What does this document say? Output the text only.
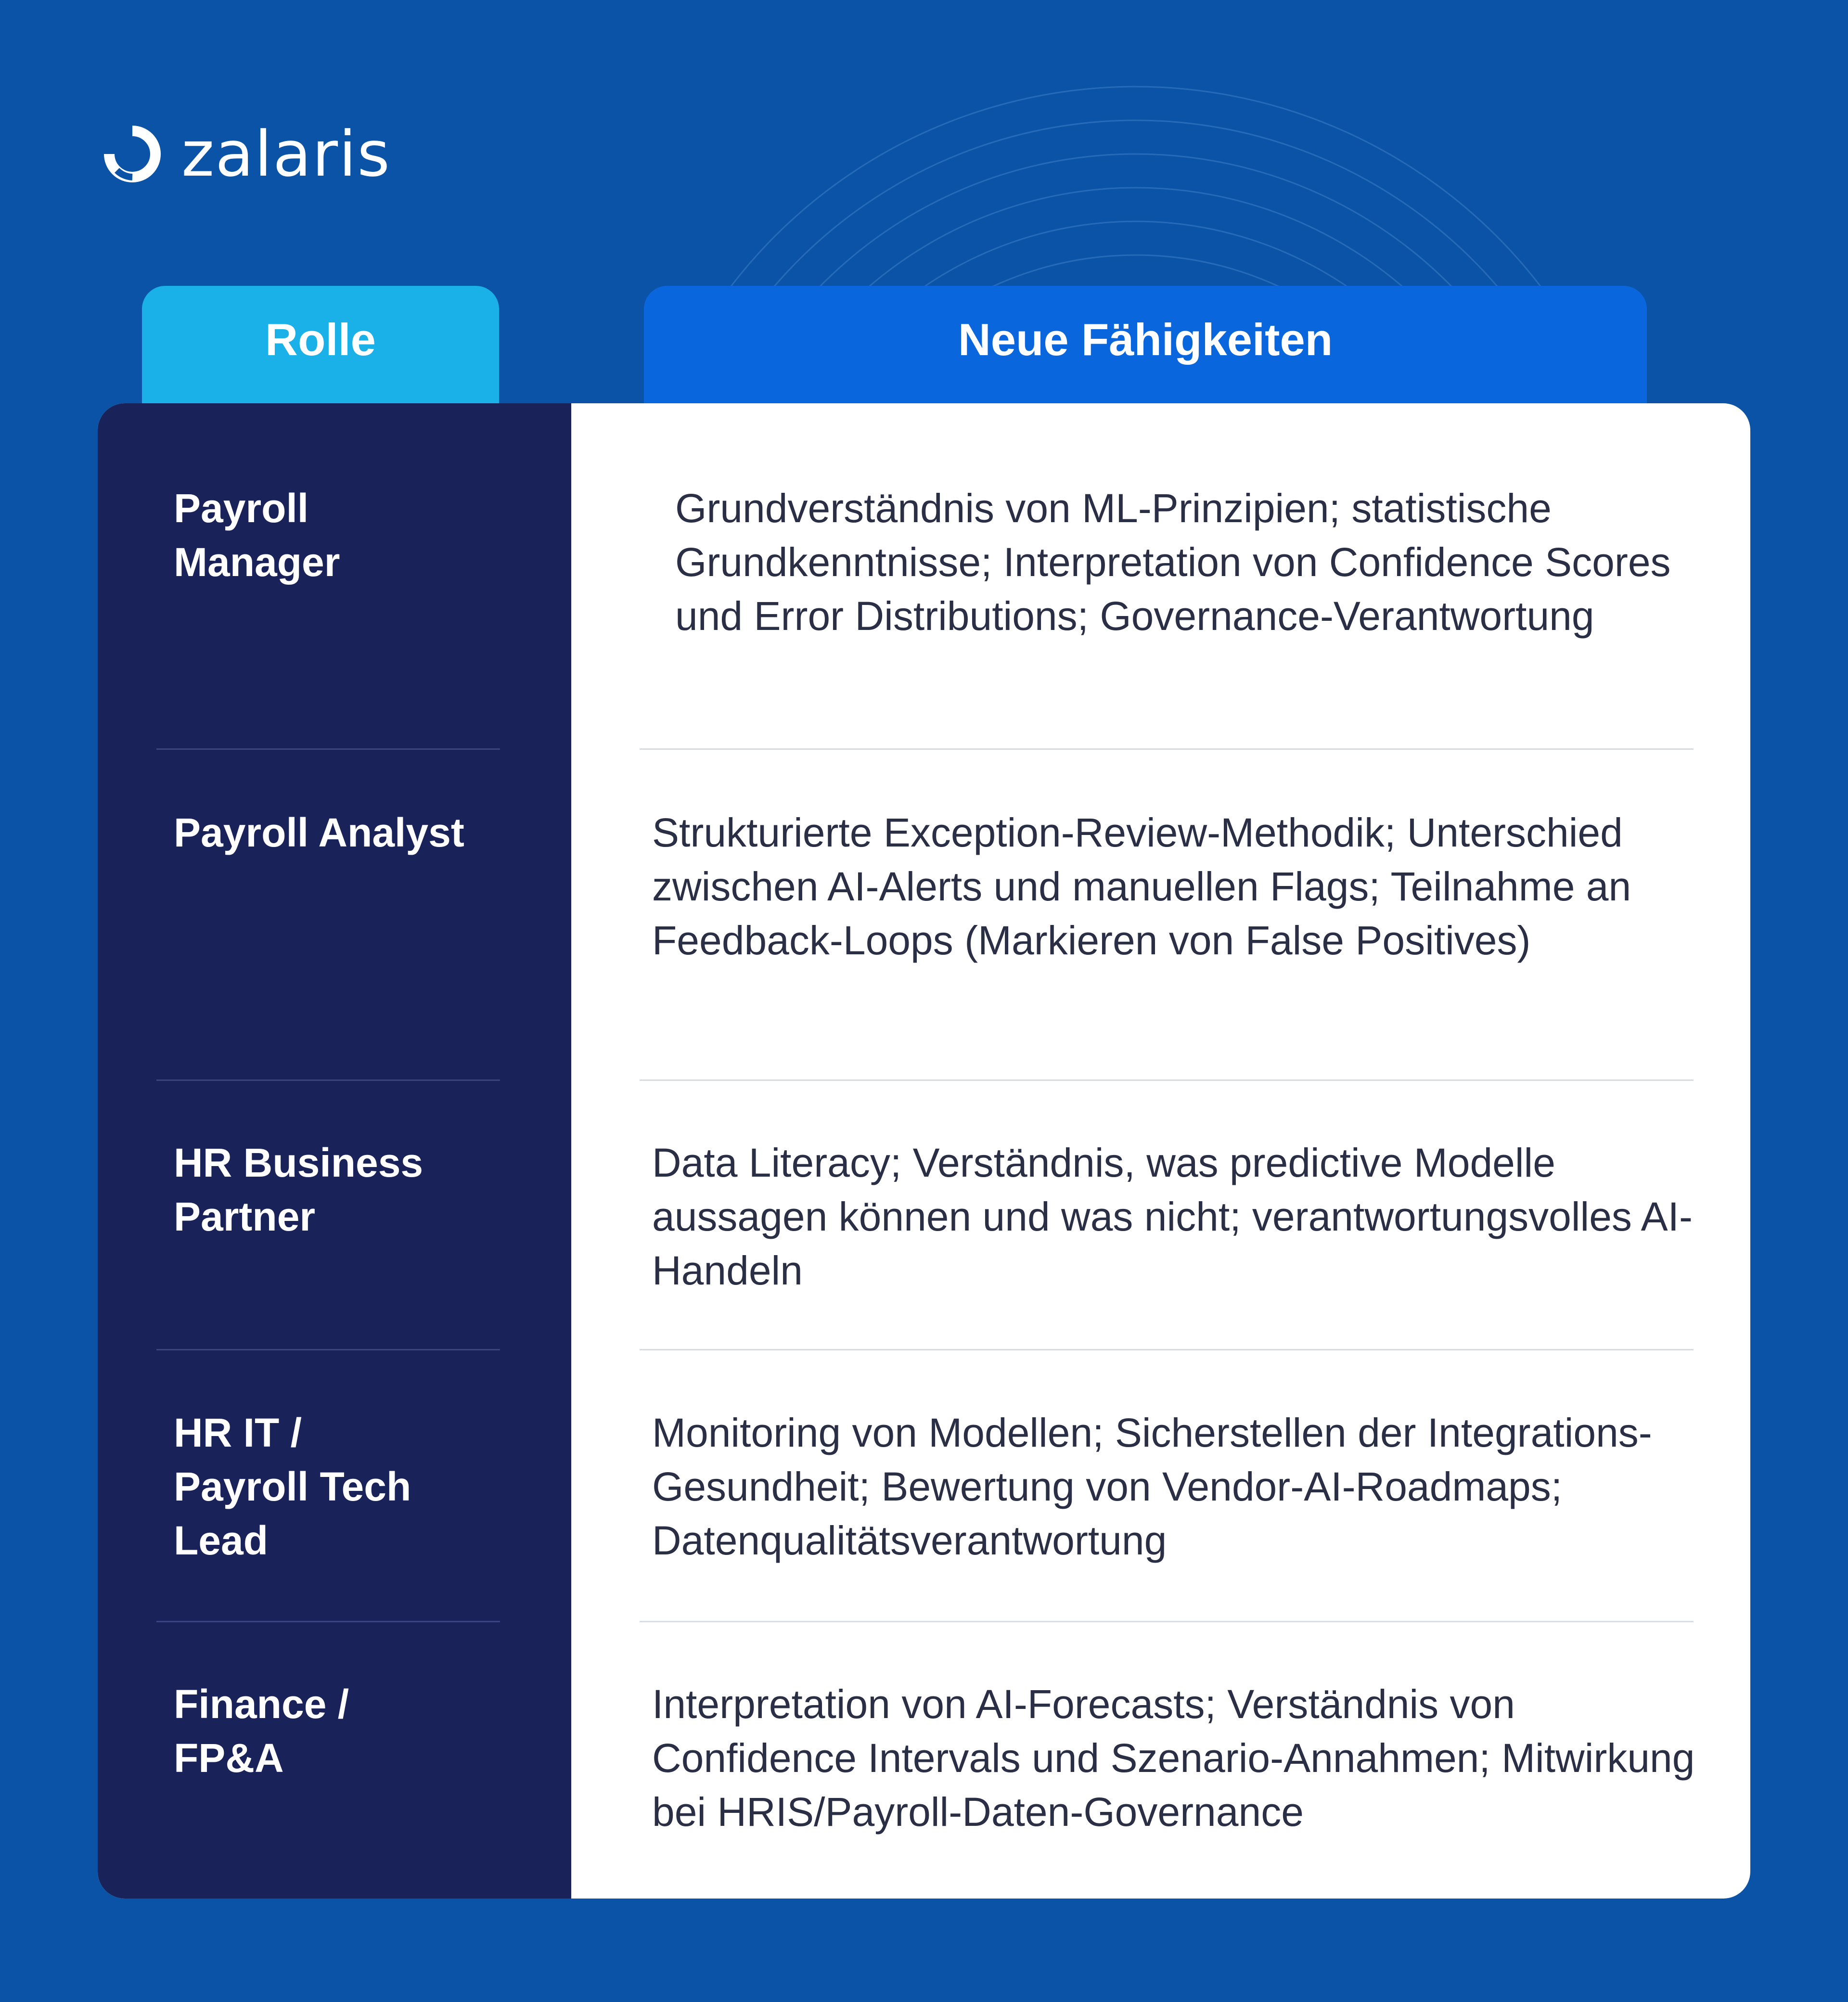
zalaris
Rolle	Neue Fähigkeiten
Payroll Manager
Grundverständnis von ML-Prinzipien; statistische Grundkenntnisse; Interpretation von Confidence Scores und Error Distributions; Governance-Verantwortung
Payroll Analyst	Strukturierte Exception-Review-Methodik; Unterschied zwischen AI-Alerts und manuellen Flags; Teilnahme an Feedback-Loops (Markieren von False Positives)
HR Business Partner
Data Literacy; Verständnis, was predictive Modelle aussagen können und was nicht; verantwortungsvolles AI-Handeln
HR IT / Payroll Tech Lead
Monitoring von Modellen; Sicherstellen der Integrations-Gesundheit; Bewertung von Vendor-AI-Roadmaps; Datenqualitätsverantwortung
Finance / FP&A
Interpretation von AI-Forecasts; Verständnis von Confidence Intervals und Szenario-Annahmen; Mitwirkung bei HRIS/Payroll-Daten-Governance
